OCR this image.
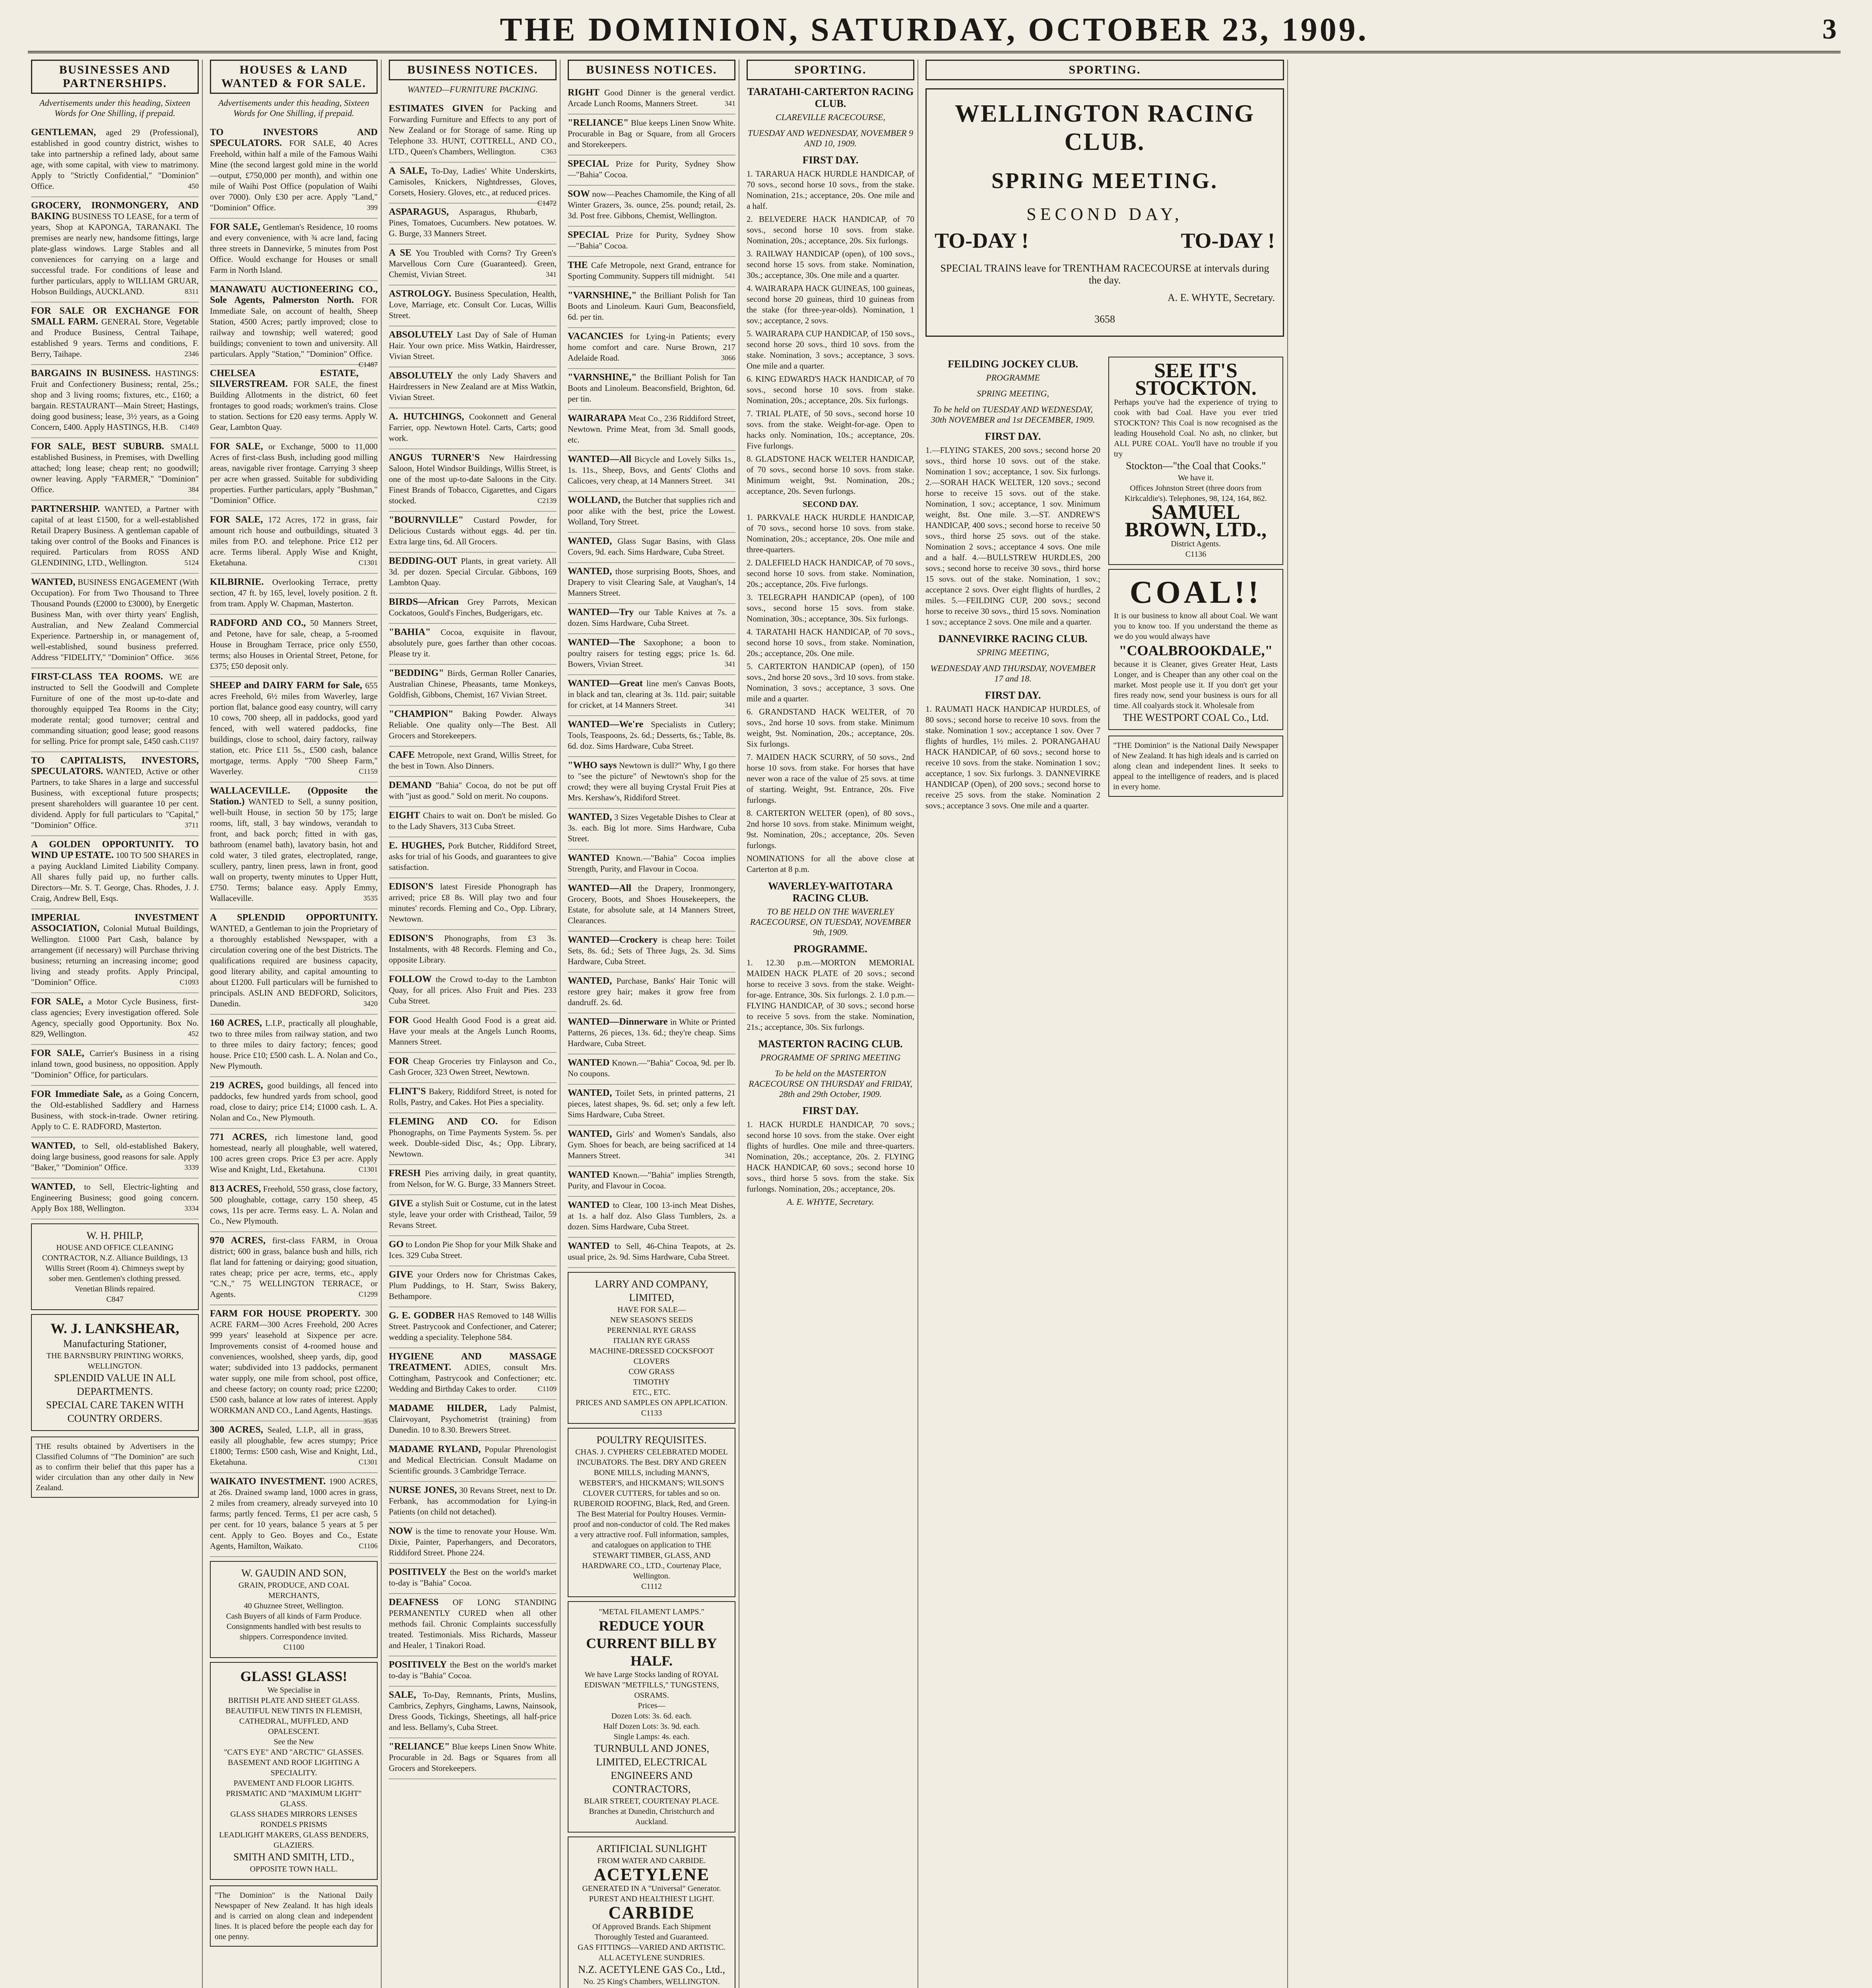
THE DOMINION, SATURDAY, OCTOBER 23, 1909.	3
BUSINESSES AND PARTNERSHIPS.
Advertisements under this heading, Sixteen Words for One Shilling, if prepaid.

GENTLEMAN, aged 29 (Professional), established in good country district, wishes to take into partnership a refined lady, about same age, with some capital, with view to matrimony. Apply to "Strictly Confidential," "Dominion" Office.	450

GROCERY, IRONMONGERY, AND BAKING BUSINESS TO LEASE, for a term of years, Shop at KAPONGA, TARANAKI. The premises are nearly new, handsome fittings, large plate-glass windows. Large Stables and all conveniences for carrying on a large and successful trade. For conditions of lease and further particulars, apply to WILLIAM GRUAR, Hobson Buildings, AUCKLAND.	8311

FOR SALE OR EXCHANGE FOR SMALL FARM. GENERAL Store, Vegetable and Produce Business, Central Taihape, established 9 years. Terms and conditions, F. Berry, Taihape.	2346

BARGAINS IN BUSINESS. HASTINGS: Fruit and Confectionery Business; rental, 25s.; shop and 3 living rooms; fixtures, etc., £160; a bargain. RESTAURANT—Main Street; Hastings, doing good business; lease, 3½ years, as a Going Concern, £400. Apply HASTINGS, H.B. C1469

FOR SALE, BEST SUBURB. SMALL established Business, in Premises, with Dwelling attached; long lease; cheap rent; no goodwill; owner leaving. Apply "FARMER," "Dominion" Office.	384

PARTNERSHIP. WANTED, a Partner with capital of at least £1500, for a well-established Retail Drapery Business. A gentleman capable of taking over control of the Books and Finances is required. Particulars from ROSS AND GLENDINING, LTD., Wellington.	5124

WANTED, BUSINESS ENGAGEMENT (With Occupation). For from Two Thousand to Three Thousand Pounds (£2000 to £3000), by Energetic Business Man, with over thirty years' English, Australian, and New Zealand Commercial Experience. Partnership in, or management of, well-established, sound business preferred. Address "FIDELITY," "Dominion" Office. 3656

FIRST-CLASS TEA ROOMS. WE are instructed to Sell the Goodwill and Complete Furniture of one of the most up-to-date and thoroughly equipped Tea Rooms in the City; moderate rental; good turnover; central and commanding situation; good lease; good reasons for selling. Price for prompt sale, £450 cash. C1197

TO CAPITALISTS, INVESTORS, SPECULATORS. WANTED, Active or other Partners, to take Shares in a large and successful Business, with exceptional future prospects; present shareholders will guarantee 10 per cent. dividend. Apply for full particulars to "Capital," "Dominion" Office.	3711

A GOLDEN OPPORTUNITY. TO WIND UP ESTATE. 100 TO 500 SHARES in a paying Auckland Limited Liability Company. All shares fully paid up, no further calls. Directors—Mr. S. T. George, Chas. Rhodes, J. J. Craig, Andrew Bell, Esqs.

IMPERIAL INVESTMENT ASSOCIATION, Colonial Mutual Buildings, Wellington. £1000 Part Cash, balance by arrangement (if necessary) will Purchase thriving business; returning an increasing income; good living and steady profits. Apply Principal, "Dominion" Office.	C1093

FOR SALE, a Motor Cycle Business, first-class agencies; Every investigation offered. Sole Agency, specially good Opportunity. Box No. 829, Wellington.	452

FOR SALE, Carrier's Business in a rising inland town, good business, no opposition. Apply "Dominion" Office, for particulars.

FOR Immediate Sale, as a Going Concern, the Old-established Saddlery and Harness Business, with stock-in-trade. Owner retiring. Apply to C. E. RADFORD, Masterton.

WANTED, to Sell, old-established Bakery, doing large business, good reasons for sale. Apply "Baker," "Dominion" Office.	3339

WANTED, to Sell, Electric-lighting and Engineering Business; good going concern. Apply Box 188, Wellington.	3334

W. H. PHILP,
HOUSE AND OFFICE CLEANING CONTRACTOR, N.Z. Alliance Buildings, 13 Willis Street (Room 4). Chimneys swept by sober men. Gentlemen's clothing pressed. Venetian Blinds repaired.
C847
W. J. LANKSHEAR,
Manufacturing Stationer,
THE BARNSBURY PRINTING WORKS,
WELLINGTON.
SPLENDID VALUE IN ALL DEPARTMENTS.
SPECIAL CARE TAKEN WITH COUNTRY ORDERS.
THE results obtained by Advertisers in the Classified Columns of "The Dominion" are such as to confirm their belief that this paper has a wider circulation than any other daily in New Zealand.
HOUSES & LAND WANTED & FOR SALE.
Advertisements under this heading, Sixteen Words for One Shilling, if prepaid.

TO INVESTORS AND SPECULATORS. FOR SALE, 40 Acres Freehold, within half a mile of the Famous Waihi Mine (the second largest gold mine in the world—output, £750,000 per month), and within one mile of Waihi Post Office (population of Waihi over 7000). Only £30 per acre. Apply "Land," "Dominion" Office.	399

FOR SALE, Gentleman's Residence, 10 rooms and every convenience, with ¾ acre land, facing three streets in Dannevirke, 5 minutes from Post Office. Would exchange for Houses or small Farm in North Island.

MANAWATU AUCTIONEERING CO., Sole Agents, Palmerston North. FOR Immediate Sale, on account of health, Sheep Station, 4500 Acres; partly improved; close to railway and township; well watered; good buildings; convenient to town and university. All particulars. Apply "Station," "Dominion" Office.
C1487

CHELSEA ESTATE, SILVERSTREAM. FOR SALE, the finest Building Allotments in the district, 60 feet frontages to good roads; workmen's trains. Close to station. Sections for £20 easy terms. Apply W. Gear, Lambton Quay.

FOR SALE, or Exchange, 5000 to 11,000 Acres of first-class Bush, including good milling areas, navigable river frontage. Carrying 3 sheep per acre when grassed. Suitable for subdividing properties. Further particulars, apply "Bushman," "Dominion" Office.

FOR SALE, 172 Acres, 172 in grass, fair amount rich house and outbuildings, situated 3 miles from P.O. and telephone. Price £12 per acre. Terms liberal. Apply Wise and Knight, Eketahuna.	C1301

KILBIRNIE. Overlooking Terrace, pretty section, 47 ft. by 165, level, lovely position. 2 ft. from tram. Apply W. Chapman, Masterton.

RADFORD AND CO., 50 Manners Street, and Petone, have for sale, cheap, a 5-roomed House in Brougham Terrace, price only £550, terms; also Houses in Oriental Street, Petone, for £375; £50 deposit only.

SHEEP and DAIRY FARM for Sale, 655 acres Freehold, 6½ miles from Waverley, large portion flat, balance good easy country, will carry 10 cows, 700 sheep, all in paddocks, good yard fenced, with well watered paddocks, fine buildings, close to school, dairy factory, railway station, etc. Price £11 5s., £500 cash, balance mortgage, terms. Apply "700 Sheep Farm," Waverley.	C1159

WALLACEVILLE. (Opposite the Station.) WANTED to Sell, a sunny position, well-built House, in section 50 by 175; large rooms, lift, stall, 3 bay windows, verandah to front, and back porch; fitted in with gas, bathroom (enamel bath), lavatory basin, hot and cold water, 3 tiled grates, electroplated, range, scullery, pantry, linen press, lawn in front, good wall on property, twenty minutes to Upper Hutt, £750. Terms; balance easy. Apply Emmy, Wallaceville.	3535

A SPLENDID OPPORTUNITY. WANTED, a Gentleman to join the Proprietary of a thoroughly established Newspaper, with a circulation covering one of the best Districts. The qualifications required are business capacity, good literary ability, and capital amounting to about £1200. Full particulars will be furnished to principals. ASLIN AND BEDFORD, Solicitors, Dunedin.	3420

160 ACRES, L.I.P., practically all ploughable, two to three miles from railway station, and two to three miles to dairy factory; fences; good house. Price £10; £500 cash. L. A. Nolan and Co., New Plymouth.

219 ACRES, good buildings, all fenced into paddocks, few hundred yards from school, good road, close to dairy; price £14; £1000 cash. L. A. Nolan and Co., New Plymouth.

771 ACRES, rich limestone land, good homestead, nearly all ploughable, well watered, 100 acres green crops. Price £3 per acre. Apply Wise and Knight, Ltd., Eketahuna.	C1301

813 ACRES, Freehold, 550 grass, close factory, 500 ploughable, cottage, carry 150 sheep, 45 cows, 11s per acre. Terms easy. L. A. Nolan and Co., New Plymouth.

970 ACRES, first-class FARM, in Oroua district; 600 in grass, balance bush and hills, rich flat land for fattening or dairying; good situation, rates cheap; price per acre, terms, etc., apply "C.N.," 75 WELLINGTON TERRACE, or Agents.	C1299

FARM FOR HOUSE PROPERTY. 300 ACRE FARM—300 Acres Freehold, 200 Acres 999 years' leasehold at Sixpence per acre. Improvements consist of 4-roomed house and conveniences, woolshed, sheep yards, dip, good water; subdivided into 13 paddocks, permanent water supply, one mile from school, post office, and cheese factory; on county road; price £2200; £500 cash, balance at low rates of interest. Apply WORKMAN AND CO., Land Agents, Hastings.
3535

300 ACRES, Sealed, L.I.P., all in grass, easily all ploughable, few acres stumpy; Price £1800; Terms: £500 cash, Wise and Knight, Ltd., Eketahuna.	C1301

WAIKATO INVESTMENT. 1900 ACRES, at 26s. Drained swamp land, 1000 acres in grass, 2 miles from creamery, already surveyed into 10 farms; partly fenced. Terms, £1 per acre cash, 5 per cent. for 10 years, balance 5 years at 5 per cent. Apply to Geo. Boyes and Co., Estate Agents, Hamilton, Waikato.	C1106

W. GAUDIN AND SON,
GRAIN, PRODUCE, AND COAL MERCHANTS,
40 Ghuznee Street, Wellington.
Cash Buyers of all kinds of Farm Produce. Consignments handled with best results to shippers. Correspondence invited.
C1100
GLASS! GLASS!
We Specialise in
BRITISH PLATE AND SHEET GLASS.
BEAUTIFUL NEW TINTS IN FLEMISH, CATHEDRAL, MUFFLED, AND OPALESCENT.
See the New
"CAT'S EYE" AND "ARCTIC" GLASSES.
BASEMENT AND ROOF LIGHTING A SPECIALITY.
PAVEMENT AND FLOOR LIGHTS. PRISMATIC AND "MAXIMUM LIGHT" GLASS.
GLASS SHADES MIRRORS LENSES RONDELS PRISMS
LEADLIGHT MAKERS, GLASS BENDERS, GLAZIERS.
SMITH AND SMITH, LTD.,
OPPOSITE TOWN HALL.
"The Dominion" is the National Daily Newspaper of New Zealand. It has high ideals and is carried on along clean and independent lines. It is placed before the people each day for one penny.
BUSINESS NOTICES.
WANTED—FURNITURE PACKING.

ESTIMATES GIVEN for Packing and Forwarding Furniture and Effects to any port of New Zealand or for Storage of same. Ring up Telephone 33. HUNT, COTTRELL, AND CO., LTD., Queen's Chambers, Wellington.	C363

A SALE, To-Day, Ladies' White Underskirts, Camisoles, Knickers, Nightdresses, Gloves, Corsets, Hosiery. Gloves, etc., at reduced prices.
C1472

ASPARAGUS, Asparagus, Rhubarb, Pines, Tomatoes, Cucumbers. New potatoes. W. G. Burge, 33 Manners Street.

A SE You Troubled with Corns? Try Green's Marvellous Corn Cure (Guaranteed). Green, Chemist, Vivian Street.	341

ASTROLOGY. Business Speculation, Health, Love, Marriage, etc. Consult Cor. Lucas, Willis Street.

ABSOLUTELY Last Day of Sale of Human Hair. Your own price. Miss Watkin, Hairdresser, Vivian Street.

ABSOLUTELY the only Lady Shavers and Hairdressers in New Zealand are at Miss Watkin, Vivian Street.

A. HUTCHINGS, Cookonnett and General Farrier, opp. Newtown Hotel. Carts, Carts; good work.

ANGUS TURNER'S New Hairdressing Saloon, Hotel Windsor Buildings, Willis Street, is one of the most up-to-date Saloons in the City. Finest Brands of Tobacco, Cigarettes, and Cigars stocked.	C2139

"BOURNVILLE" Custard Powder, for Delicious Custards without eggs. 4d. per tin. Extra large tins, 6d. All Grocers.

BEDDING-OUT Plants, in great variety. All 3d. per dozen. Special Circular. Gibbons, 169 Lambton Quay.

BIRDS—African Grey Parrots, Mexican Cockatoos, Gould's Finches, Budgerigars, etc.

"BAHIA" Cocoa, exquisite in flavour, absolutely pure, goes farther than other cocoas. Please try it.

"BEDDING" Birds, German Roller Canaries, Australian Chinese, Pheasants, tame Monkeys, Goldfish, Gibbons, Chemist, 167 Vivian Street.

"CHAMPION" Baking Powder. Always Reliable. One quality only—The Best. All Grocers and Storekeepers.

CAFE Metropole, next Grand, Willis Street, for the best in Town. Also Dinners.

DEMAND "Bahia" Cocoa, do not be put off with "just as good." Sold on merit. No coupons.

EIGHT Chairs to wait on. Don't be misled. Go to the Lady Shavers, 313 Cuba Street.

E. HUGHES, Pork Butcher, Riddiford Street, asks for trial of his Goods, and guarantees to give satisfaction.

EDISON'S latest Fireside Phonograph has arrived; price £8 8s. Will play two and four minutes' records. Fleming and Co., Opp. Library, Newtown.

EDISON'S Phonographs, from £3 3s. Instalments, with 48 Records. Fleming and Co., opposite Library.

FOLLOW the Crowd to-day to the Lambton Quay, for all prices. Also Fruit and Pies. 233 Cuba Street.

FOR Good Health Good Food is a great aid. Have your meals at the Angels Lunch Rooms, Manners Street.

FOR Cheap Groceries try Finlayson and Co., Cash Grocer, 323 Owen Street, Newtown.

FLINT'S Bakery, Riddiford Street, is noted for Rolls, Pastry, and Cakes. Hot Pies a speciality.

FLEMING AND CO. for Edison Phonographs, on Time Payments System. 5s. per week. Double-sided Disc, 4s.; Opp. Library, Newtown.

FRESH Pies arriving daily, in great quantity, from Nelson, for W. G. Burge, 33 Manners Street.

GIVE a stylish Suit or Costume, cut in the latest style, leave your order with Cristhead, Tailor, 59 Revans Street.

GO to London Pie Shop for your Milk Shake and Ices. 329 Cuba Street.

GIVE your Orders now for Christmas Cakes, Plum Puddings, to H. Starr, Swiss Bakery, Bethampore.

G. E. GODBER HAS Removed to 148 Willis Street. Pastrycook and Confectioner, and Caterer; wedding a speciality. Telephone 584.

HYGIENE AND MASSAGE TREATMENT. ADIES, consult Mrs. Cottingham, Pastrycook and Confectioner; etc. Wedding and Birthday Cakes to order.	C1109

MADAME HILDER, Lady Palmist, Clairvoyant, Psychometrist (training) from Dunedin. 10 to 8.30. Brewers Street.

MADAME RYLAND, Popular Phrenologist and Medical Electrician. Consult Madame on Scientific grounds. 3 Cambridge Terrace.

NURSE JONES, 30 Revans Street, next to Dr. Ferbank, has accommodation for Lying-in Patients (on child not detached).

NOW is the time to renovate your House. Wm. Dixie, Painter, Paperhangers, and Decorators, Riddiford Street. Phone 224.

POSITIVELY the Best on the world's market to-day is "Bahia" Cocoa.

DEAFNESS OF LONG STANDING PERMANENTLY CURED when all other methods fail. Chronic Complaints successfully treated. Testimonials. Miss Richards, Masseur and Healer, 1 Tinakori Road.

POSITIVELY the Best on the world's market to-day is "Bahia" Cocoa.

SALE, To-Day, Remnants, Prints, Muslins, Cambrics, Zephyrs, Ginghams, Lawns, Nainsook, Dress Goods, Tickings, Sheetings, all half-price and less. Bellamy's, Cuba Street.

"RELIANCE" Blue keeps Linen Snow White. Procurable in 2d. Bags or Squares from all Grocers and Storekeepers.

BUSINESS NOTICES.

RIGHT Good Dinner is the general verdict. Arcade Lunch Rooms, Manners Street.	341

"RELIANCE" Blue keeps Linen Snow White. Procurable in Bag or Square, from all Grocers and Storekeepers.

SPECIAL Prize for Purity, Sydney Show—"Bahia" Cocoa.

SOW now—Peaches Chamomile, the King of all Winter Grazers, 3s. ounce, 25s. pound; retail, 2s. 3d. Post free. Gibbons, Chemist, Wellington.

SPECIAL Prize for Purity, Sydney Show—"Bahia" Cocoa.

THE Cafe Metropole, next Grand, entrance for Sporting Community. Suppers till midnight. 541

"VARNSHINE," the Brilliant Polish for Tan Boots and Linoleum. Kauri Gum, Beaconsfield, 6d. per tin.

VACANCIES for Lying-in Patients; every home comfort and care. Nurse Brown, 217 Adelaide Road.	3066

"VARNSHINE," the Brilliant Polish for Tan Boots and Linoleum. Beaconsfield, Brighton, 6d. per tin.

WAIRARAPA Meat Co., 236 Riddiford Street, Newtown. Prime Meat, from 3d. Small goods, etc.

WANTED—All Bicycle and Lovely Silks 1s., 1s. 11s., Sheep, Bovs, and Gents' Cloths and Calicoes, very cheap, at 14 Manners Street. 341

WOLLAND, the Butcher that supplies rich and poor alike with the best, price the Lowest. Wolland, Tory Street.

WANTED, Glass Sugar Basins, with Glass Covers, 9d. each. Sims Hardware, Cuba Street.

WANTED, those surprising Boots, Shoes, and Drapery to visit Clearing Sale, at Vaughan's, 14 Manners Street.

WANTED—Try our Table Knives at 7s. a dozen. Sims Hardware, Cuba Street.

WANTED—The Saxophone; a boon to poultry raisers for testing eggs; price 1s. 6d. Bowers, Vivian Street.	341

WANTED—Great line men's Canvas Boots, in black and tan, clearing at 3s. 11d. pair; suitable for cricket, at 14 Manners Street.	341

WANTED—We're Specialists in Cutlery; Tools, Teaspoons, 2s. 6d.; Desserts, 6s.; Table, 8s. 6d. doz. Sims Hardware, Cuba Street.

"WHO says Newtown is dull?" Why, I go there to "see the picture" of Newtown's shop for the crowd; they were all buying Crystal Fruit Pies at Mrs. Kershaw's, Riddiford Street.

WANTED, 3 Sizes Vegetable Dishes to Clear at 3s. each. Big lot more. Sims Hardware, Cuba Street.

WANTED Known.—"Bahia" Cocoa implies Strength, Purity, and Flavour in Cocoa.

WANTED—All the Drapery, Ironmongery, Grocery, Boots, and Shoes Housekeepers, the Estate, for absolute sale, at 14 Manners Street, Clearances.

WANTED—Crockery is cheap here: Toilet Sets, 8s. 6d.; Sets of Three Jugs, 2s. 3d. Sims Hardware, Cuba Street.

WANTED, Purchase, Banks' Hair Tonic will restore grey hair; makes it grow free from dandruff. 2s. 6d.

WANTED—Dinnerware in White or Printed Patterns, 26 pieces, 13s. 6d.; they're cheap. Sims Hardware, Cuba Street.

WANTED Known.—"Bahia" Cocoa, 9d. per lb. No coupons.

WANTED, Toilet Sets, in printed patterns, 21 pieces, latest shapes, 9s. 6d. set; only a few left. Sims Hardware, Cuba Street.

WANTED, Girls' and Women's Sandals, also Gym. Shoes for beach, are being sacrificed at 14 Manners Street.	341

WANTED Known.—"Bahia" implies Strength, Purity, and Flavour in Cocoa.

WANTED to Clear, 100 13-inch Meat Dishes, at 1s. a half doz. Also Glass Tumblers, 2s. a dozen. Sims Hardware, Cuba Street.

WANTED to Sell, 46-China Teapots, at 2s. usual price, 2s. 9d. Sims Hardware, Cuba Street.

LARRY AND COMPANY, LIMITED,
HAVE FOR SALE—
NEW SEASON'S SEEDS
PERENNIAL RYE GRASS
ITALIAN RYE GRASS
MACHINE-DRESSED COCKSFOOT
CLOVERS
COW GRASS
TIMOTHY
ETC., ETC.
PRICES AND SAMPLES ON APPLICATION.
C1133
POULTRY REQUISITES.
CHAS. J. CYPHERS' CELEBRATED MODEL INCUBATORS. The Best. DRY AND GREEN BONE MILLS, including MANN'S, WEBSTER'S, and HICKMAN'S; WILSON'S CLOVER CUTTERS, for tables and so on. RUBEROID ROOFING, Black, Red, and Green. The Best Material for Poultry Houses. Vermin-proof and non-conductor of cold. The Red makes a very attractive roof. Full information, samples, and catalogues on application to THE STEWART TIMBER, GLASS, AND HARDWARE CO., LTD., Courtenay Place, Wellington.
C1112
"METAL FILAMENT LAMPS."
REDUCE YOUR CURRENT BILL BY HALF.
We have Large Stocks landing of ROYAL EDISWAN "METFILLS," TUNGSTENS, OSRAMS.
Prices—
Dozen Lots: 3s. 6d. each.
Half Dozen Lots: 3s. 9d. each.
Single Lamps: 4s. each.
TURNBULL AND JONES, LIMITED, ELECTRICAL ENGINEERS AND CONTRACTORS,
BLAIR STREET, COURTENAY PLACE.
Branches at Dunedin, Christchurch and Auckland.
ARTIFICIAL SUNLIGHT
FROM WATER AND CARBIDE.
ACETYLENE
GENERATED IN A "Universal" Generator.
PUREST AND HEALTHIEST LIGHT.
CARBIDE
Of Approved Brands. Each Shipment Thoroughly Tested and Guaranteed.
GAS FITTINGS—VARIED AND ARTISTIC.
ALL ACETYLENE SUNDRIES.
N.Z. ACETYLENE GAS Co., Ltd.,
No. 25 King's Chambers, WELLINGTON.
SPORTING.
TARATAHI-CARTERTON RACING CLUB.
CLAREVILLE RACECOURSE,
TUESDAY AND WEDNESDAY, NOVEMBER 9 AND 10, 1909.
FIRST DAY.

1. TARARUA HACK HURDLE HANDICAP, of 70 sovs., second horse 10 sovs., from the stake. Nomination, 21s.; acceptance, 20s. One mile and a half.

2. BELVEDERE HACK HANDICAP, of 70 sovs., second horse 10 sovs. from stake. Nomination, 20s.; acceptance, 20s. Six furlongs.

3. RAILWAY HANDICAP (open), of 100 sovs., second horse 15 sovs. from stake. Nomination, 30s.; acceptance, 30s. One mile and a quarter.

4. WAIRARAPA HACK GUINEAS, 100 guineas, second horse 20 guineas, third 10 guineas from the stake (for three-year-olds). Nomination, 1 sov.; acceptance, 2 sovs.

5. WAIRARAPA CUP HANDICAP, of 150 sovs., second horse 20 sovs., third 10 sovs. from the stake. Nomination, 3 sovs.; acceptance, 3 sovs. One mile and a quarter.

6. KING EDWARD'S HACK HANDICAP, of 70 sovs., second horse 10 sovs. from stake. Nomination, 20s.; acceptance, 20s. Six furlongs.

7. TRIAL PLATE, of 50 sovs., second horse 10 sovs. from the stake. Weight-for-age. Open to hacks only. Nomination, 10s.; acceptance, 20s. Five furlongs.

8. GLADSTONE HACK WELTER HANDICAP, of 70 sovs., second horse 10 sovs. from stake. Minimum weight, 9st. Nomination, 20s.; acceptance, 20s. Seven furlongs.

SECOND DAY.

1. PARKVALE HACK HURDLE HANDICAP, of 70 sovs., second horse 10 sovs. from stake. Nomination, 20s.; acceptance, 20s. One mile and three-quarters.

2. DALEFIELD HACK HANDICAP, of 70 sovs., second horse 10 sovs. from stake. Nomination, 20s.; acceptance, 20s. Five furlongs.

3. TELEGRAPH HANDICAP (open), of 100 sovs., second horse 15 sovs. from stake. Nomination, 30s.; acceptance, 30s. Six furlongs.

4. TARATAHI HACK HANDICAP, of 70 sovs., second horse 10 sovs., from stake. Nomination, 20s.; acceptance, 20s. One mile.

5. CARTERTON HANDICAP (open), of 150 sovs., 2nd horse 20 sovs., 3rd 10 sovs. from stake. Nomination, 3 sovs.; acceptance, 3 sovs. One mile and a quarter.

6. GRANDSTAND HACK WELTER, of 70 sovs., 2nd horse 10 sovs. from stake. Minimum weight, 9st. Nomination, 20s.; acceptance, 20s. Six furlongs.

7. MAIDEN HACK SCURRY, of 50 sovs., 2nd horse 10 sovs. from stake. For horses that have never won a race of the value of 25 sovs. at time of starting. Weight, 9st. Entrance, 20s. Five furlongs.

8. CARTERTON WELTER (open), of 80 sovs., 2nd horse 10 sovs. from stake. Minimum weight, 9st. Nomination, 20s.; acceptance, 20s. Seven furlongs.

NOMINATIONS for all the above close at Carterton at 8 p.m.

WAVERLEY-WAITOTARA RACING CLUB.
TO BE HELD ON THE WAVERLEY RACECOURSE, ON TUESDAY, NOVEMBER 9th, 1909.
PROGRAMME.

1. 12.30 p.m.—MORTON MEMORIAL MAIDEN HACK PLATE of 20 sovs.; second horse to receive 3 sovs. from the stake. Weight-for-age. Entrance, 30s. Six furlongs. 2. 1.0 p.m.—FLYING HANDICAP, of 30 sovs.; second horse to receive 5 sovs. from the stake. Nomination, 21s.; acceptance, 30s. Six furlongs.

MASTERTON RACING CLUB.
PROGRAMME OF SPRING MEETING
To be held on the MASTERTON RACECOURSE ON THURSDAY and FRIDAY, 28th and 29th October, 1909.
FIRST DAY.

1. HACK HURDLE HANDICAP, 70 sovs.; second horse 10 sovs. from the stake. Over eight flights of hurdles. One mile and three-quarters. Nomination, 20s.; acceptance, 20s. 2. FLYING HACK HANDICAP, 60 sovs.; second horse 10 sovs., third horse 5 sovs. from the stake. Six furlongs. Nomination, 20s.; acceptance, 20s.

A. E. WHYTE, Secretary.
SPORTING.
WELLINGTON RACING CLUB.
SPRING MEETING.
SECOND DAY,
TO-DAY !	TO-DAY !
SPECIAL TRAINS leave for TRENTHAM RACECOURSE at intervals during the day.
A. E. WHYTE, Secretary.
3658
FEILDING JOCKEY CLUB.
PROGRAMME
SPRING MEETING,
To be held on TUESDAY AND WEDNESDAY, 30th NOVEMBER and 1st DECEMBER, 1909.
FIRST DAY.

1.—FLYING STAKES, 200 sovs.; second horse 20 sovs., third horse 10 sovs. out of the stake. Nomination 1 sov.; acceptance, 1 sov. Six furlongs. 2.—SORAH HACK WELTER, 120 sovs.; second horse to receive 15 sovs. out of the stake. Nomination, 1 sov.; acceptance, 1 sov. Minimum weight, 8st. One mile. 3.—ST. ANDREW'S HANDICAP, 400 sovs.; second horse to receive 50 sovs., third horse 25 sovs. out of the stake. Nomination 2 sovs.; acceptance 4 sovs. One mile and a half. 4.—BULLSTREW HURDLES, 200 sovs.; second horse to receive 30 sovs., third horse 15 sovs. out of the stake. Nomination, 1 sov.; acceptance 2 sovs. Over eight flights of hurdles, 2 miles. 5.—FEILDING CUP, 200 sovs.; second horse to receive 30 sovs., third 15 sovs. Nomination 1 sov.; acceptance 2 sovs. One mile and a quarter.

DANNEVIRKE RACING CLUB.
SPRING MEETING,
WEDNESDAY AND THURSDAY, NOVEMBER 17 and 18.
FIRST DAY.

1. RAUMATI HACK HANDICAP HURDLES, of 80 sovs.; second horse to receive 10 sovs. from the stake. Nomination 1 sov.; acceptance 1 sov. Over 7 flights of hurdles, 1½ miles. 2. PORANGAHAU HACK HANDICAP, of 60 sovs.; second horse to receive 10 sovs. from the stake. Nomination 1 sov.; acceptance, 1 sov. Six furlongs. 3. DANNEVIRKE HANDICAP (Open), of 200 sovs.; second horse to receive 25 sovs. from the stake. Nomination 2 sovs.; acceptance 3 sovs. One mile and a quarter.

SEE IT'S STOCKTON.
Perhaps you've had the experience of trying to cook with bad Coal. Have you ever tried STOCKTON? This Coal is now recognised as the leading Household Coal. No ash, no clinker, but ALL PURE COAL. You'll have no trouble if you try
Stockton—"the Coal that Cooks."
We have it.
Offices Johnston Street (three doors from Kirkcaldie's). Telephones, 98, 124, 164, 862.
SAMUEL BROWN, LTD.,
District Agents.
C1136
COAL!!
It is our business to know all about Coal. We want you to know too. If you understand the theme as we do you would always have
"COALBROOKDALE,"
because it is Cleaner, gives Greater Heat, Lasts Longer, and is Cheaper than any other coal on the market. Most people use it. If you don't get your fires ready now, send your business is ours for all time. All coalyards stock it. Wholesale from
THE WESTPORT COAL Co., Ltd.
"THE Dominion" is the National Daily Newspaper of New Zealand. It has high ideals and is carried on along clean and independent lines. It seeks to appeal to the intelligence of readers, and is placed in every home.
